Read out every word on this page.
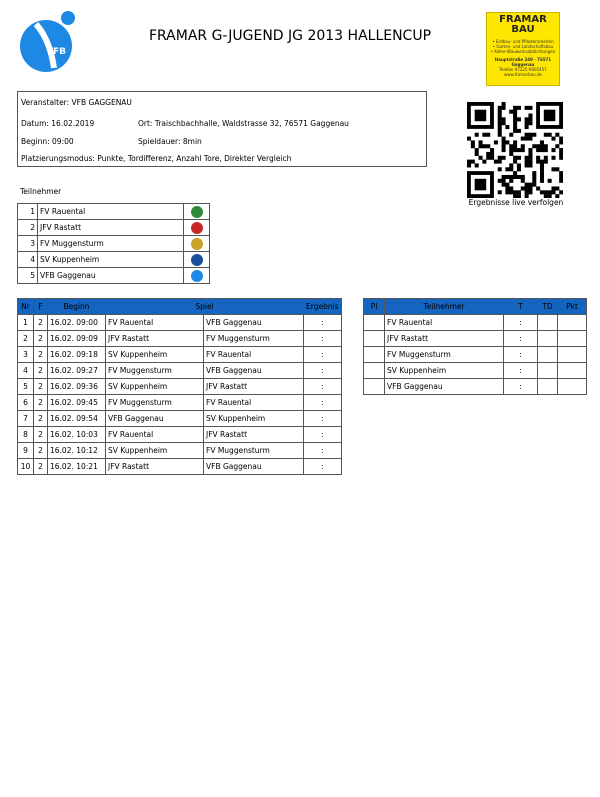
VFB
FRAMAR G-JUGEND JG 2013 HALLENCUP
FRAMAR
BAU
• Erdbau- und Pflasterarbeiten
• Garten- und Landschaftsbau
• Keller-/Bauwerksabdichtungen
Hauptstraße 249 · 76571 Gaggenau
Telefon 07225-9005457
www.framarbau.de
Veranstalter: VFB GAGGENAU
Datum: 16.02.2019	Ort: Traischbachhalle, Waldstrasse 32, 76571 Gaggenau
Beginn: 09:00	Spieldauer: 8min
Platzierungsmodus: Punkte, Tordifferenz, Anzahl Tore, Direkter Vergleich
Ergebnisse live verfolgen
Teilnehmer
1	FV Rauental	
2	JFV Rastatt	
3	FV Muggensturm	
4	SV Kuppenheim	
5	VFB Gaggenau	
Nr	F	Beginn	Spiel		Ergebnis
1	2	16.02. 09:00	FV Rauental	VFB Gaggenau	:
2	2	16.02. 09:09	JFV Rastatt	FV Muggensturm	:
3	2	16.02. 09:18	SV Kuppenheim	FV Rauental	:
4	2	16.02. 09:27	FV Muggensturm	VFB Gaggenau	:
5	2	16.02. 09:36	SV Kuppenheim	JFV Rastatt	:
6	2	16.02. 09:45	FV Muggensturm	FV Rauental	:
7	2	16.02. 09:54	VFB Gaggenau	SV Kuppenheim	:
8	2	16.02. 10:03	FV Rauental	JFV Rastatt	:
9	2	16.02. 10:12	SV Kuppenheim	FV Muggensturm	:
10	2	16.02. 10:21	JFV Rastatt	VFB Gaggenau	:
Pl	Teilnehmer	T	TD	Pkt
	FV Rauental	:		
	JFV Rastatt	:		
	FV Muggensturm	:		
	SV Kuppenheim	:		
	VFB Gaggenau	:		
